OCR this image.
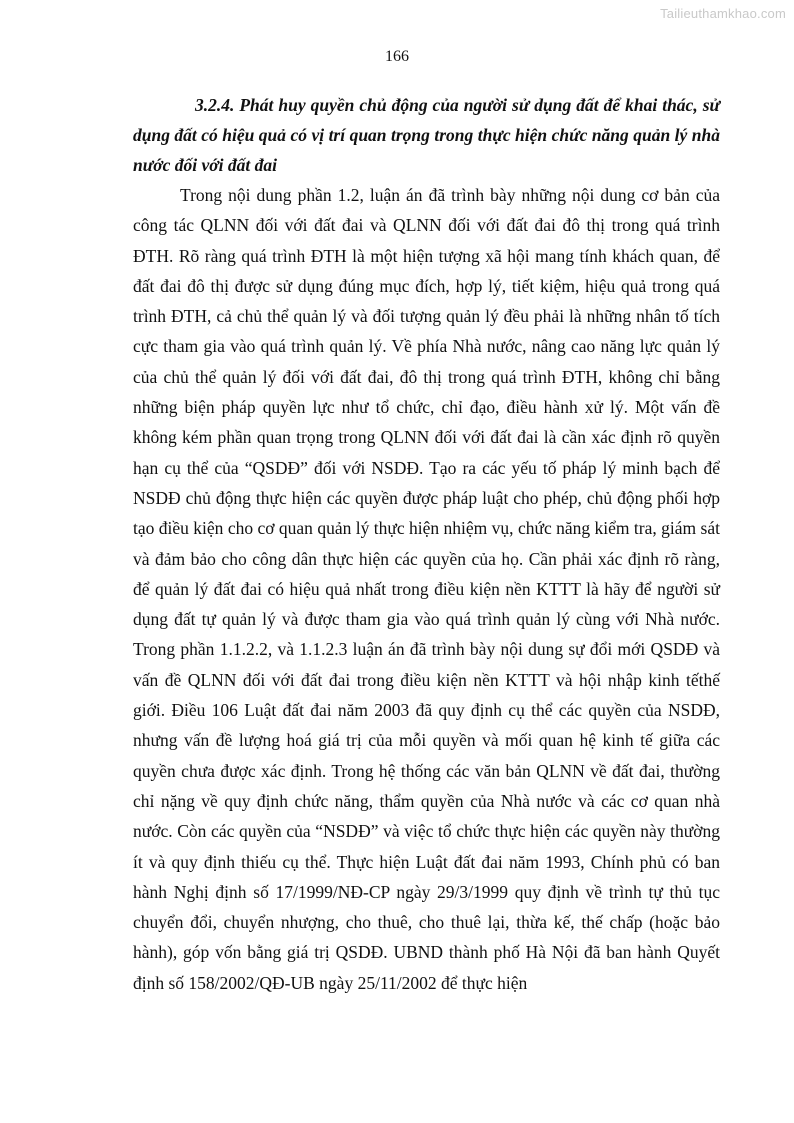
Tailieuthamkhao.com
166

3.2.4. Phát huy quyền chủ động của người sử dụng đất để khai thác, sử dụng đất có hiệu quả có vị trí quan trọng trong thực hiện chức năng quản lý nhà nước đối với đất đai

Trong nội dung phần 1.2, luận án đã trình bày những nội dung cơ bản của công tác QLNN đối với đất đai và QLNN đối với đất đai đô thị trong quá trình ĐTH. Rõ ràng quá trình ĐTH là một hiện tượng xã hội mang tính khách quan, để đất đai đô thị được sử dụng đúng mục đích, hợp lý, tiết kiệm, hiệu quả trong quá trình ĐTH, cả chủ thể quản lý và đối tượng quản lý đều phải là những nhân tố tích cực tham gia vào quá trình quản lý. Về phía Nhà nước, nâng cao năng lực quản lý của chủ thể quản lý đối với đất đai, đô thị trong quá trình ĐTH, không chỉ bằng những biện pháp quyền lực như tổ chức, chỉ đạo, điều hành xử lý. Một vấn đề không kém phần quan trọng trong QLNN đối với đất đai là cần xác định rõ quyền hạn cụ thể của “QSDĐ” đối với NSDĐ. Tạo ra các yếu tố pháp lý minh bạch để NSDĐ chủ động thực hiện các quyền được pháp luật cho phép, chủ động phối hợp tạo điều kiện cho cơ quan quản lý thực hiện nhiệm vụ, chức năng kiểm tra, giám sát và đảm bảo cho công dân thực hiện các quyền của họ. Cần phải xác định rõ ràng, để quản lý đất đai có hiệu quả nhất trong điều kiện nền KTTT là hãy để người sử dụng đất tự quản lý và được tham gia vào quá trình quản lý cùng với Nhà nước. Trong phần 1.1.2.2, và 1.1.2.3 luận án đã trình bày nội dung sự đổi mới QSDĐ và vấn đề QLNN đối với đất đai trong điều kiện nền KTTT và hội nhập kinh tếthế giới. Điều 106 Luật đất đai năm 2003 đã quy định cụ thể các quyền của NSDĐ, nhưng vấn đề lượng hoá giá trị của mỗi quyền và mối quan hệ kinh tế giữa các quyền chưa được xác định. Trong hệ thống các văn bản QLNN về đất đai, thường chỉ nặng về quy định chức năng, thẩm quyền của Nhà nước và các cơ quan nhà nước. Còn các quyền của “NSDĐ” và việc tổ chức thực hiện các quyền này thường ít và quy định thiếu cụ thể. Thực hiện Luật đất đai năm 1993, Chính phủ có ban hành Nghị định số 17/1999/NĐ-CP ngày 29/3/1999 quy định về trình tự thủ tục chuyển đổi, chuyển nhượng, cho thuê, cho thuê lại, thừa kế, thế chấp (hoặc bảo hành), góp vốn bằng giá trị QSDĐ. UBND thành phố Hà Nội đã ban hành Quyết định số 158/2002/QĐ-UB ngày 25/11/2002 để thực hiện
